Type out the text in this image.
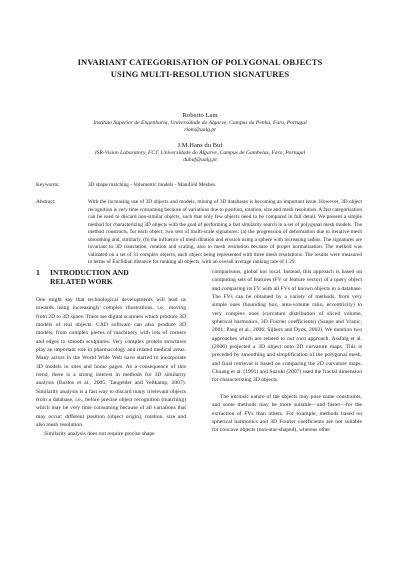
INVARIANT CATEGORISATION OF POLYGONAL OBJECTS
USING MULTI-RESOLUTION SIGNATURES
Roberto Lam
Instituto Superior de Engenharia, Universidade do Algarve, Campus da Penha, Faro, Portugal
rlam@ualg.pt
J.M.Hans du Buf
ISR-Vision Laboratory, FCT, Universidade do Algarve, Campus de Gambelas, Faro, Portugal
dubuf@ualg.pt
Keywords:	3D shape matching - Volumetric models - Manifold Meshes.
Abstract:	With the increasing use of 3D objects and models, mining of 3D databases is becoming an important issue. However, 3D object recognition is very time consuming because of variations due to position, rotation, size and mesh resolution. A fast categorisation can be used to discard non-similar objects, such that only few objects need to be compared in full detail. We present a simple method for characterizing 3D objects with the goal of performing a fast similarity search in a set of polygonal mesh models. The method constructs, for each object, two sets of multi-scale signatures: (a) the progression of deformation due to iterative mesh smoothing and, similarly, (b) the influence of mesh dilation and erosion using a sphere with increasing radius. The signatures are invariant to 3D translation, rotation and scaling, also to mesh resolution because of proper normalisation. The method was validated on a set of 31 complex objects, each object being represented with three mesh resolutions. The results were measured in terms of Euclidian distance for ranking all objects, with an overall average ranking rate of 1.29.
1 INTRODUCTION AND
RELATED WORK

One might say that technological developments will lead us towards using increasingly complex illustrations, i.e., moving from 2D to 3D space. There are digital scanners which produce 3D models of real objects. CAD software can also produce 3D models, from complex pieces of machinery with lots of corners and edges to smooth sculptures. Very complex protein structures play an important role in pharmacology and related medical areas. Many actors in the World Wide Web have started to incorporate 3D models in sites and home pages. As a consequence of this trend, there is a strong interest in methods for 3D similarity analysis (Bustos et al., 2005; Tangelder and Veltkamp, 2007). Similarity analysis is a fast way to discard many irrelevant objects from a database, i.e., before precise object recognition (matching) which may be very time consuming because of all variations that may occur: different position (object origin), rotation, size and also mesh resolution.

Similarity analysis does not require precise shape

comparisons, global nor local. Instead, this approach is based on computing sets of features (FV or feature vector) of a query object and comparing its FV with all FVs of known objects in a database. The FVs can be obtained by a variety of methods, from very simple ones (bounding box, area-volume ratio, eccentricity) to very complex ones (curvature distribution of sliced volume, spherical harmonics, 3D Fourier coefficients) (Saupe and Vranic, 2001; Pang et al., 2006; Sijbers and Dyck, 2002). We mention two approaches which are related to our own approach. Assfalg et al. (2006) projected a 3D object onto 2D curvature maps. This is preceded by smoothing and simplification of the polygonal mesh, and final retrieval is based on comparing the 2D curvature maps. Chuang et al. (1991) and Suzuki (2007) used the fractal dimension for characterizing 3D objects.

The intrinsic nature of the objects may pose some constraints, and some methods may be more suitable—and faster—for the extraction of FVs than others. For example, methods based on spherical harmonics and 3D Fourier coefficients are not suitable for concave objects (non-star-shaped), whereas other
